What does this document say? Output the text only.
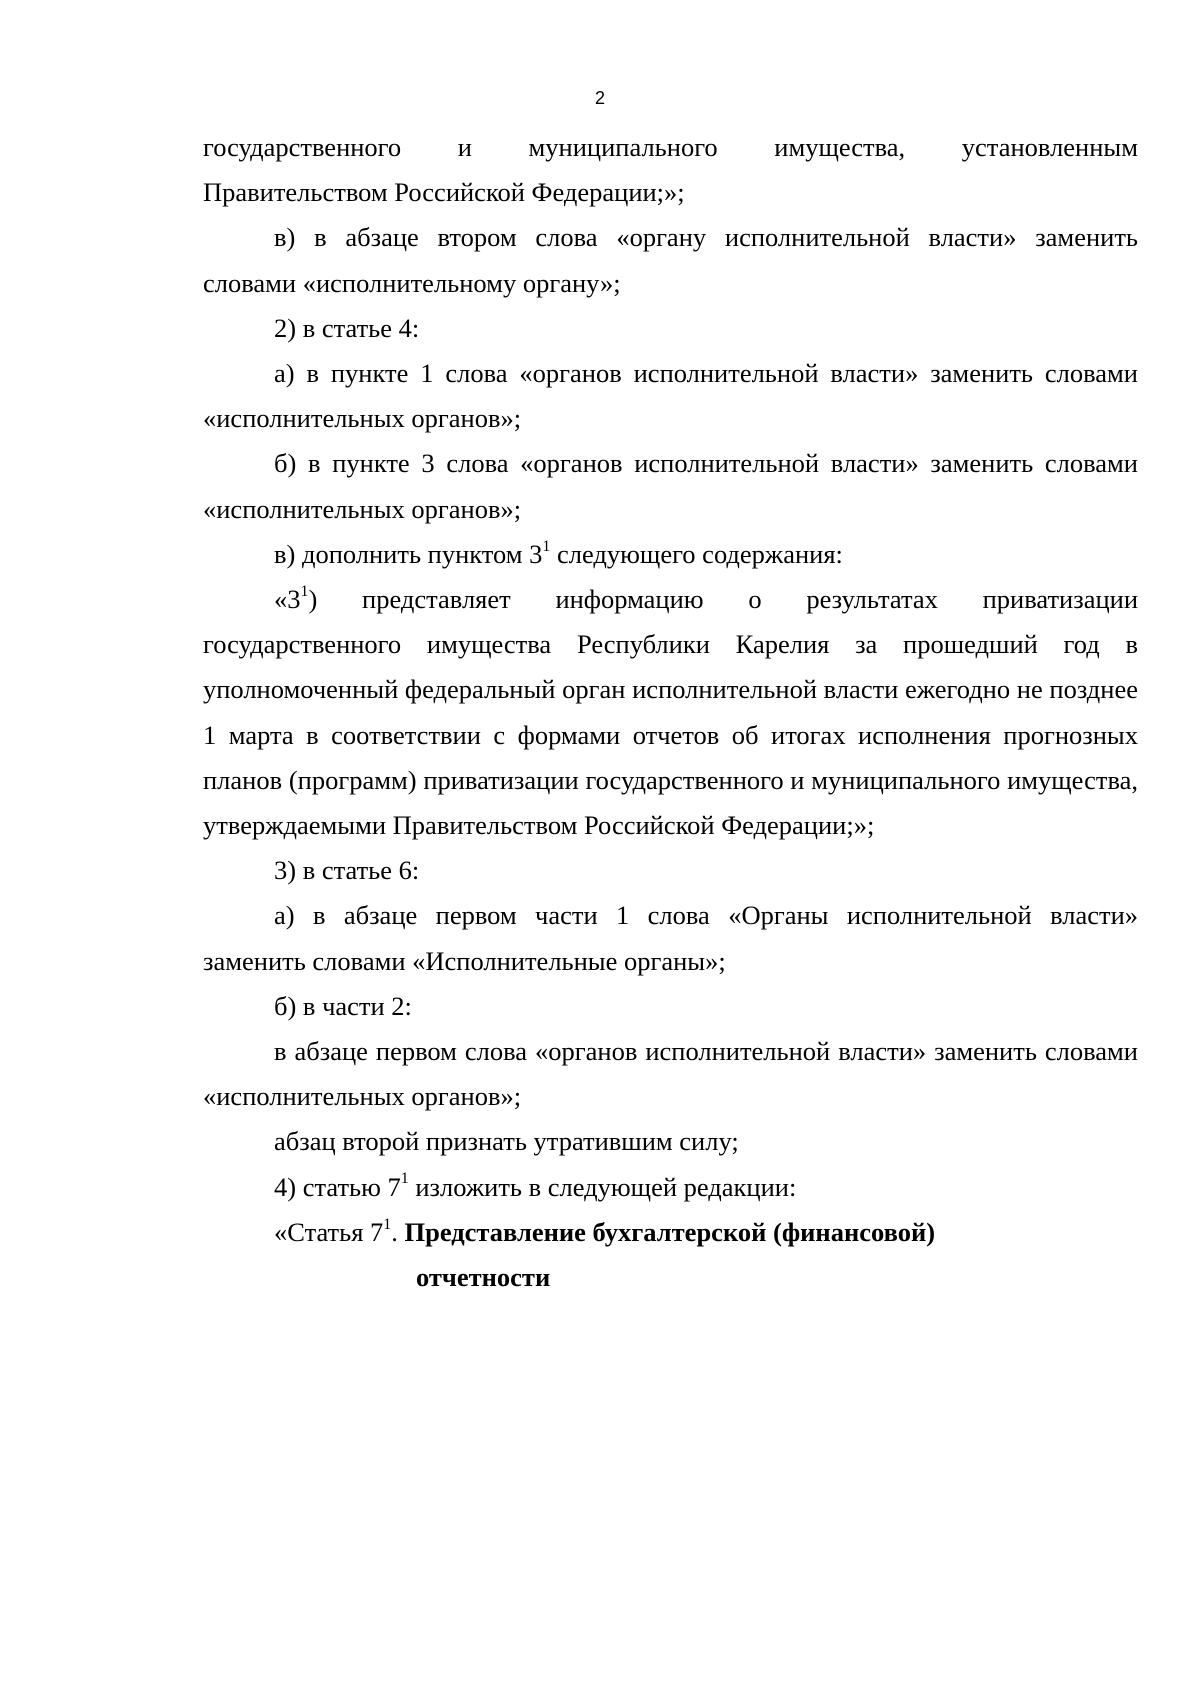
2

государственного и муниципального имущества, установленным

Правительством Российской Федерации;»;

в) в абзаце втором слова «органу исполнительной власти» заменить словами «исполнительному органу»;

2) в статье 4:

а) в пункте 1 слова «органов исполнительной власти» заменить словами «исполнительных органов»;

б) в пункте 3 слова «органов исполнительной власти» заменить словами «исполнительных органов»;

в) дополнить пунктом $3^1$ следующего содержания:

«$3^1$) представляет информацию о результатах приватизации государственного имущества Республики Карелия за прошедший год в уполномоченный федеральный орган исполнительной власти ежегодно не позднее 1 марта в соответствии с формами отчетов об итогах исполнения прогнозных планов (программ) приватизации государственного и муниципального имущества, утверждаемыми Правительством Российской Федерации;»;

3) в статье 6:

а) в абзаце первом части 1 слова «Органы исполнительной власти» заменить словами «Исполнительные органы»;

б) в части 2:

в абзаце первом слова «органов исполнительной власти» заменить словами «исполнительных органов»;

абзац второй признать утратившим силу;

4) статью $7^1$ изложить в следующей редакции:

«Статья $7^1$. Представление бухгалтерской (финансовой)

отчетности
